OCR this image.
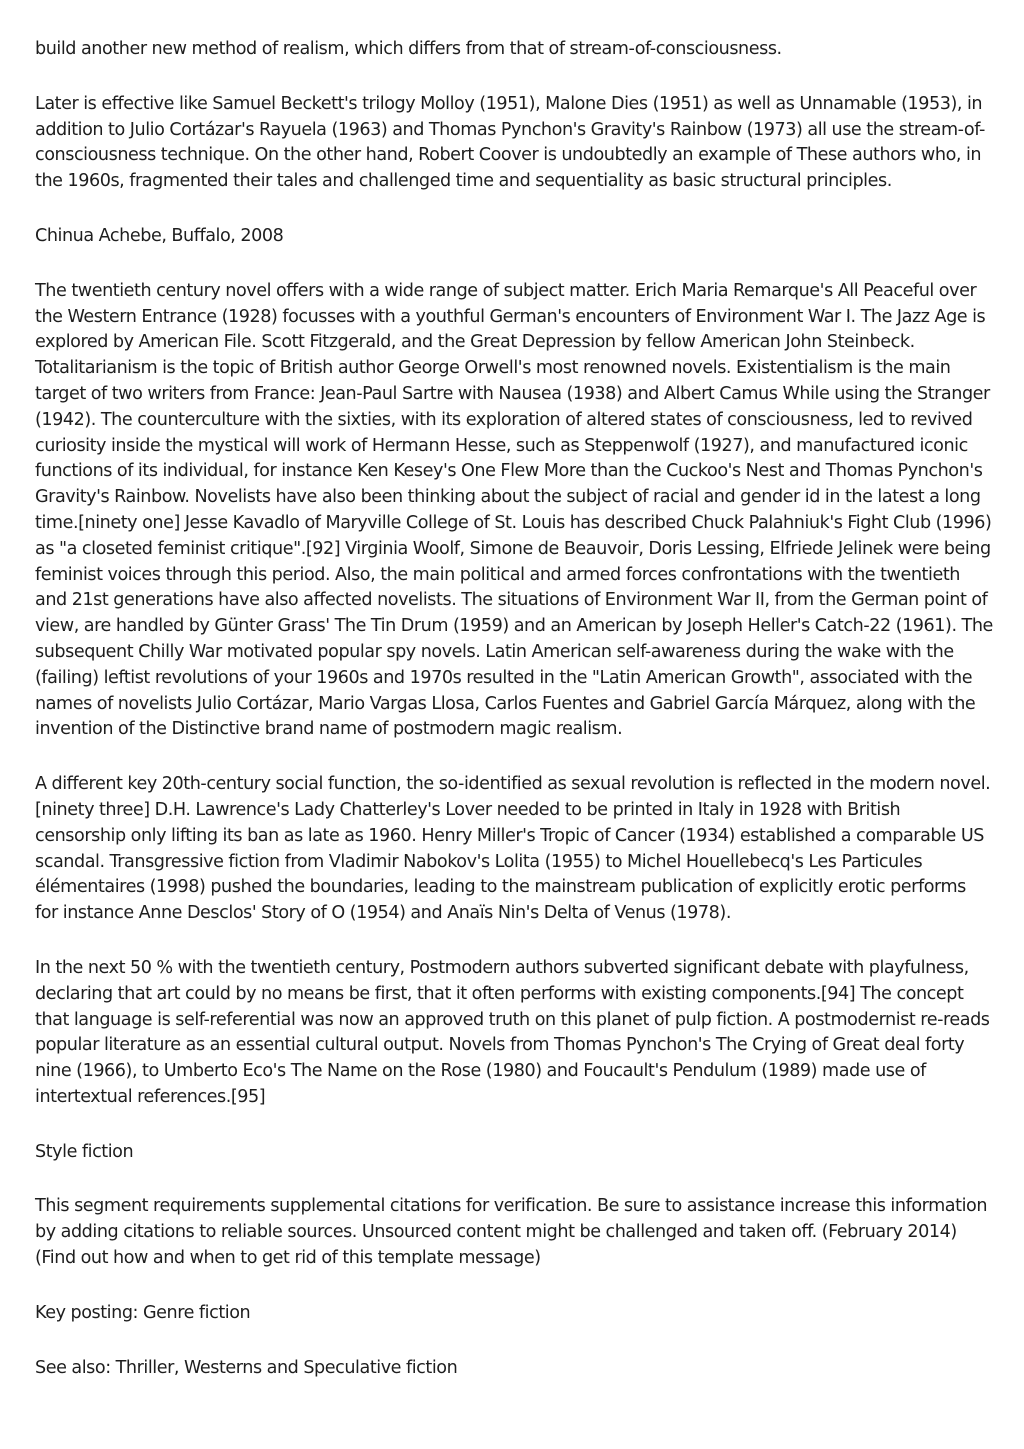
build another new method of realism, which differs from that of stream-of-consciousness.

Later is effective like Samuel Beckett's trilogy Molloy (1951), Malone Dies (1951) as well as Unnamable (1953), in addition to Julio Cortázar's Rayuela (1963) and Thomas Pynchon's Gravity's Rainbow (1973) all use the stream-of-consciousness technique. On the other hand, Robert Coover is undoubtedly an example of These authors who, in the 1960s, fragmented their tales and challenged time and sequentiality as basic structural principles.

Chinua Achebe, Buffalo, 2008

The twentieth century novel offers with a wide range of subject matter. Erich Maria Remarque's All Peaceful over the Western Entrance (1928) focusses with a youthful German's encounters of Environment War I. The Jazz Age is explored by American File. Scott Fitzgerald, and the Great Depression by fellow American John Steinbeck. Totalitarianism is the topic of British author George Orwell's most renowned novels. Existentialism is the main target of two writers from France: Jean-Paul Sartre with Nausea (1938) and Albert Camus While using the Stranger (1942). The counterculture with the sixties, with its exploration of altered states of consciousness, led to revived curiosity inside the mystical will work of Hermann Hesse, such as Steppenwolf (1927), and manufactured iconic functions of its individual, for instance Ken Kesey's One Flew More than the Cuckoo's Nest and Thomas Pynchon's Gravity's Rainbow. Novelists have also been thinking about the subject of racial and gender id in the latest a long time.[ninety one] Jesse Kavadlo of Maryville College of St. Louis has described Chuck Palahniuk's Fight Club (1996) as "a closeted feminist critique".[92] Virginia Woolf, Simone de Beauvoir, Doris Lessing, Elfriede Jelinek were being feminist voices through this period. Also, the main political and armed forces confrontations with the twentieth and 21st generations have also affected novelists. The situations of Environment War II, from the German point of view, are handled by Günter Grass' The Tin Drum (1959) and an American by Joseph Heller's Catch-22 (1961). The subsequent Chilly War motivated popular spy novels. Latin American self-awareness during the wake with the (failing) leftist revolutions of your 1960s and 1970s resulted in the "Latin American Growth", associated with the names of novelists Julio Cortázar, Mario Vargas Llosa, Carlos Fuentes and Gabriel García Márquez, along with the invention of the Distinctive brand name of postmodern magic realism.

A different key 20th-century social function, the so-identified as sexual revolution is reflected in the modern novel.[ninety three] D.H. Lawrence's Lady Chatterley's Lover needed to be printed in Italy in 1928 with British censorship only lifting its ban as late as 1960. Henry Miller's Tropic of Cancer (1934) established a comparable US scandal. Transgressive fiction from Vladimir Nabokov's Lolita (1955) to Michel Houellebecq's Les Particules élémentaires (1998) pushed the boundaries, leading to the mainstream publication of explicitly erotic performs for instance Anne Desclos' Story of O (1954) and Anaïs Nin's Delta of Venus (1978).

In the next 50 % with the twentieth century, Postmodern authors subverted significant debate with playfulness, declaring that art could by no means be first, that it often performs with existing components.[94] The concept that language is self-referential was now an approved truth on this planet of pulp fiction. A postmodernist re-reads popular literature as an essential cultural output. Novels from Thomas Pynchon's The Crying of Great deal forty nine (1966), to Umberto Eco's The Name on the Rose (1980) and Foucault's Pendulum (1989) made use of intertextual references.[95]

Style fiction

This segment requirements supplemental citations for verification. Be sure to assistance increase this information by adding citations to reliable sources. Unsourced content might be challenged and taken off. (February 2014) (Find out how and when to get rid of this template message)

Key posting: Genre fiction

See also: Thriller, Westerns and Speculative fiction
